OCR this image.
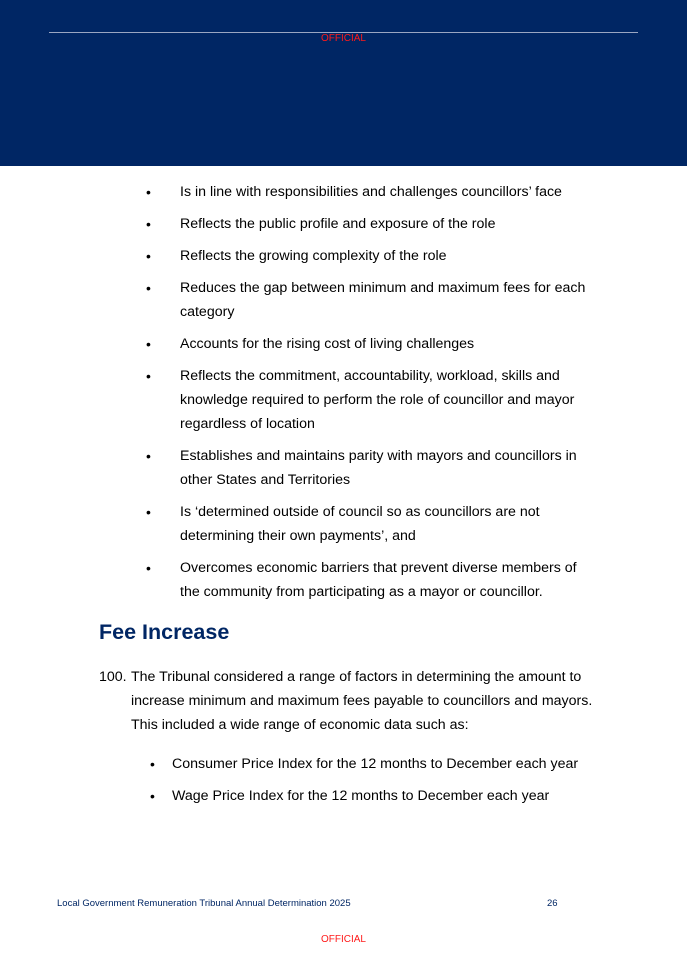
OFFICIAL
•	Is in line with responsibilities and challenges councillors’ face
•	Reflects the public profile and exposure of the role
•	Reflects the growing complexity of the role
•	Reduces the gap between minimum and maximum fees for each category
•	Accounts for the rising cost of living challenges
•	Reflects the commitment, accountability, workload, skills and knowledge required to perform the role of councillor and mayor regardless of location
•	Establishes and maintains parity with mayors and councillors in other States and Territories
•	Is ‘determined outside of council so as councillors are not determining their own payments’, and
•	Overcomes economic barriers that prevent diverse members of the community from participating as a mayor or councillor.
Fee Increase
100. The Tribunal considered a range of factors in determining the amount to increase minimum and maximum fees payable to councillors and mayors. This included a wide range of economic data such as:
• Consumer Price Index for the 12 months to December each year
• Wage Price Index for the 12 months to December each year
Local Government Remuneration Tribunal Annual Determination 2025	26
OFFICIAL
